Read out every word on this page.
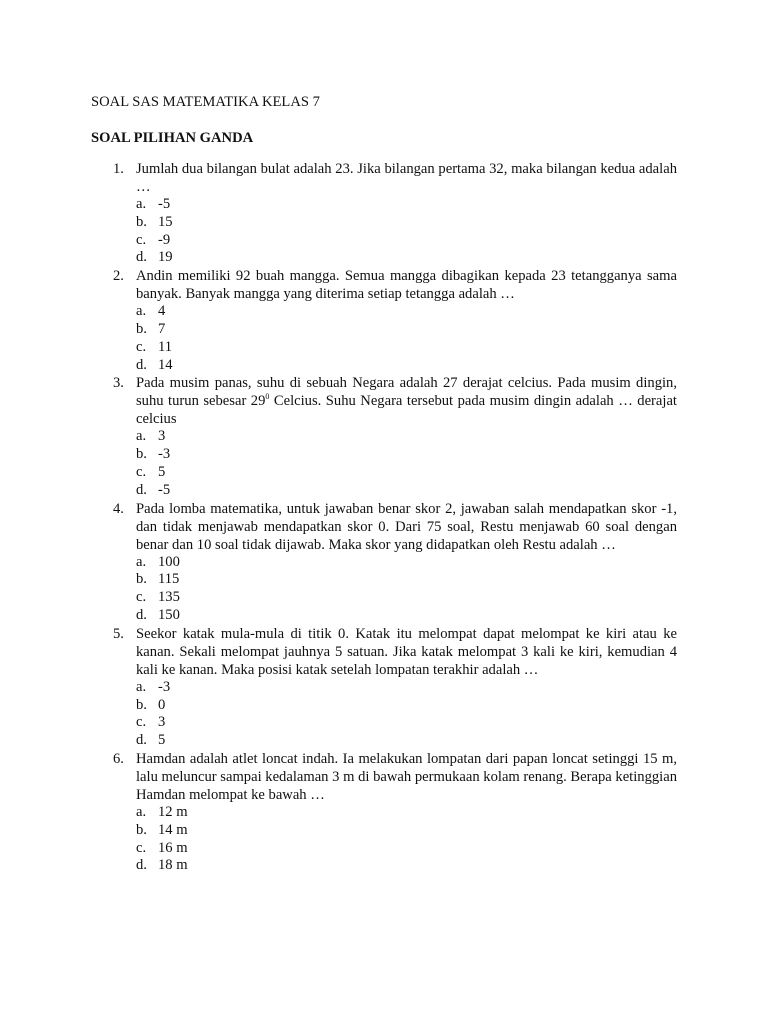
SOAL SAS MATEMATIKA KELAS 7
SOAL PILIHAN GANDA
1. Jumlah dua bilangan bulat adalah 23. Jika bilangan pertama 32, maka bilangan kedua adalah …
a. -5
b. 15
c. -9
d. 19
2. Andin memiliki 92 buah mangga. Semua mangga dibagikan kepada 23 tetangganya sama banyak. Banyak mangga yang diterima setiap tetangga adalah …
a. 4
b. 7
c. 11
d. 14
3. Pada musim panas, suhu di sebuah Negara adalah 27 derajat celcius. Pada musim dingin, suhu turun sebesar $29^0$ Celcius. Suhu Negara tersebut pada musim dingin adalah … derajat celcius
a. 3
b. -3
c. 5
d. -5
4. Pada lomba matematika, untuk jawaban benar skor 2, jawaban salah mendapatkan skor -1, dan tidak menjawab mendapatkan skor 0. Dari 75 soal, Restu menjawab 60 soal dengan benar dan 10 soal tidak dijawab. Maka skor yang didapatkan oleh Restu adalah …
a. 100
b. 115
c. 135
d. 150
5. Seekor katak mula-mula di titik 0. Katak itu melompat dapat melompat ke kiri atau ke kanan. Sekali melompat jauhnya 5 satuan. Jika katak melompat 3 kali ke kiri, kemudian 4 kali ke kanan. Maka posisi katak setelah lompatan terakhir adalah …
a. -3
b. 0
c. 3
d. 5
6. Hamdan adalah atlet loncat indah. Ia melakukan lompatan dari papan loncat setinggi 15 m, lalu meluncur sampai kedalaman 3 m di bawah permukaan kolam renang. Berapa ketinggian Hamdan melompat ke bawah …
a. 12 m
b. 14 m
c. 16 m
d. 18 m
